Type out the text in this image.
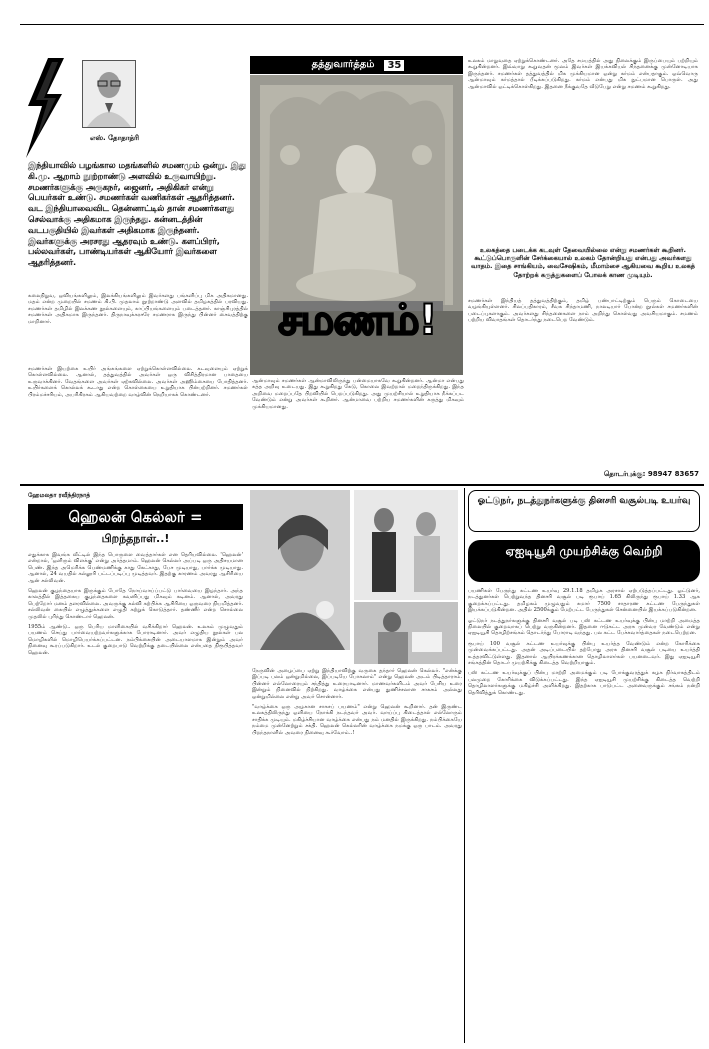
எஸ். தோதாத்ரி
தத்துவார்த்தம்	35
சமணம்!
இந்தியாவில் பழங்கால மதங்களில் சமணமும் ஒன்று. இது கி.மு. ஆறாம் நூற்றாண்டு அளவில் உருவாயிற்று. சமணர்களுக்கு அருகநர், ஜைனர், அதிகிகர் என்று பெயர்கள் உண்டு. சமணர்கள் வணிகர்கள் ஆதரித்தனர். வட இந்தியாவைவிட தென்னாட்டில் தான் சமணர்களது செல்வாக்கு அதிகமாக இருந்தது. கன்னடத்தின் வடபகுதியில் இவர்கள் அதிகமாக இருந்தனர். இவர்களுக்கு அரசரது ஆதரவும் உண்டு. களப்பிரர், பல்லவர்கள், பாண்டியர்கள் ஆகியோர் இவர்களை ஆதரித்தனர்.
கலைநிறுவ, ஒவியங்களிலும், இலக்கியங்களிலும் இவர்களது பங்களிப்பு மிக அதிகமானது. மதம் என்ற முறையில் சமணம் கி.பி. முதலாம் நூற்றாண்டு அளவில் தமிழகத்தில் பரவியது. சமணர்கள் தமிழில் இலக்கண நூல்களையும், காப்பியங்களையும் படைத்தனர். காஞ்சிபுரத்தில் சமணர்கள் அதிகமாக இருந்தனர். திருநாவுக்கரசரே சமணராக இருந்து பின்னர் சைவத்திற்கு மாறினார்.
சமணர்கள் இயற்கை உயிர் அங்கங்களை ஏற்றுக்கொள்ளவில்லை. கடவுளையும் ஏற்றுக் கொள்ளவில்லை. ஆனால், தத்துவத்தில் அவர்கள் ஒரு விசித்திரமான பாதையை உருவாக்கினர். வேதங்களை அவர்கள் ஏற்கவில்லை. அவர்கள் அஹிம்சையை போதித்தனர். உயிர்களைக் கொல்லக் கூடாது என்ற கொள்கையை உறுதியாக பின்பற்றினர். சமணர்கள் பிரம்மச்சரியம், அபரிகிரகம் ஆகியவற்றை வாழ்வின் நெறியாகக் கொண்டனர்.
ஆன்மாவும் சமணர்கள் ஆன்மாவிலிருந்து பன்மையாகவே கூறுகின்றனர். ஆன்மா என்பது சுத்த அறிவு உடையது. இது கூறுகிறது கேடு, கொலை இவற்றால் மறைந்திருக்கிறது. இந்த அறிவை மறைப்பதே பிறவியில் பெறப்படுகிறது. அது முயற்சியால் உறுதியாக நீக்கப்பட வேண்டும் என்று அவர்கள் கூறினர். ஆன்மாவை பற்றிய சமணர்களின் கருத்து மிகவும் முக்கியமானது.
உலகம் மாறுவதை ஏற்றுக்கொண்டனர். அதே சமயத்தில் அது நிலைக்கும் இருப்பையும் பற்றியும் கூறுகின்றனர். இவ்வாறு கூறுவதன் மூலம் இவர்கள் இயக்கவியல் சிந்தனைக்கு முன்னோடியாக இருந்தனர். சமணர்கள் தத்துவத்தில் மிக முக்கியமான ஒன்று கர்மம் என்பதாகும். ஒவ்வொரு ஆன்மாவும் கர்மத்தால் பீடிக்கப்படுகிறது. கர்மம் என்பது மிக நுட்பமான பொருள். அது ஆன்மாவில் ஒட்டிக்கொள்கிறது. இதனை நீக்குவதே வீடுபேறு என்று சமணம் கூறுகிறது.
உலகத்தை படைக்க கடவுள் தேவையில்லை என்று சமணர்கள் கூறினர். கூட்டுப்பொருளின் சேர்க்கையால் உலகம் தோன்றியது என்பது அவர்களது வாதம். இதை சாங்கியம், வைசேஷிகம், மீமாம்சை ஆகியவை கூறிய உலகத் தோற்றக் கருத்துகளைப் போலக் காண முடியும்.
சமணர்கள் இந்தியத் தத்துவத்திற்கும், தமிழ் பண்பாட்டிற்கும் பெரும் கொடையை வழங்கியுள்ளனர். சிலப்பதிகாரம், சீவக சிந்தாமணி, நாலடியார் போன்ற நூல்கள் சமணர்களின் படைப்புகளாகும். அவர்களது சிந்தனைகளை நாம் அறிந்து கொள்வது அவசியமாகும். சமணம் பற்றிய விவாதங்கள் தொடர்ந்து நடைபெற வேண்டும்.
தொடர்புக்கு: 98947 83657
ஹேமலதா ரவீந்திரநாத்
ஹெலன் கெல்லர் =
பிறந்தநாள்..!
எதுக்காக இவங்க வீட்டில் இந்த பொருளை வைத்தார்கள் என தெரியவில்லை. 'ஹெலன்' என்றால், 'ஒளிரும் விளக்கு' என்று அர்த்தமாம். ஹெலன் கெல்லர் அப்படி ஒரு அதிசயமான பெண். இந்த அமெரிக்க பெண்மணிக்கு காது கேட்காது, பேச முடியாது, பார்க்க முடியாது. ஆனால், 24 வயதில் கல்லூரி பட்டப்படிப்பு முடித்தவர். இதற்கு காரணம் அவரது ஆசிரியை ஆன் சல்லிவன்.
ஹெலன் குழந்தையாக இருக்கும் போதே நோய்வாய்ப்பட்டு பார்வையை இழந்தார். அந்த காலத்தில் இத்தகைய குழந்தைகளை கவனிப்பது மிகவும் கடினம். ஆனால், அவரது பெற்றோர் மனம் தளரவில்லை. அவருக்கு கல்வி கற்பிக்க ஆசிரியை ஒருவரை நியமித்தனர். சல்லிவன் கையில் எழுத்துக்களை எழுதி கற்றுக் கொடுத்தார். தண்ணீர் என்ற சொல்லை முதலில் புரிந்து கொண்டார் ஹெலன்.
1955ம் ஆண்டு.. ஒரு பெரிய மாளிகையில் வசிக்கிறார் ஹெலன். உலகம் முழுவதும் பயணம் செய்து பார்வையற்றவர்களுக்காக போராடினார். அவர் எழுதிய நூல்கள் பல மொழிகளில் மொழிபெயர்க்கப்பட்டன. நம்பிக்கையின் அடையாளமாக இன்றும் அவர் நினைவு கூரப்படுகிறார். உடல் குறைபாடு வெற்றிக்கு தடையில்லை என்பதை நிரூபித்தவர் ஹெலன்.
நேருவின் அழைப்பை ஏற்று இந்தியாவிற்கு வருகை தந்தார் ஹெலன் கெல்லர். "என்க்கு இப்படி பலம் ஒன்றுமில்லை, இப்படியே போகலாம்" என்று ஹெலன் அடம் பிடித்தாராம். பின்னர் எல்லோரையும் சந்தித்து உரையாடினார். மாணவர்களிடம் அவர் பேசிய உரை இன்றும் நினைவில் நிற்கிறது. வாழ்க்கை என்பது துணிச்சலான சாகசம் அல்லது ஒன்றுமில்லை என்று அவர் சொன்னார்.
"வாழ்க்கை ஒரு அழகான சாகசப் பயணம்" என்று ஹெலன் கூறினார். தன் இருண்ட உலகத்திலிருந்து ஒளியை நோக்கி நடந்தவர் அவர். வாய்ப்பு கிடைத்தால் எல்லோரும் சாதிக்க முடியும். மகிழ்ச்சியான வாழ்க்கை என்பது நம் மனதில் இருக்கிறது. நம்பிக்கையே நம்மை முன்னேற்றும் சக்தி. ஹெலன் கெல்லரின் வாழ்க்கை நமக்கு ஒரு பாடம். அவரது பிறந்தநாளில் அவரை நினைவு கூர்வோம்..!
ஓட்டுநர், நடத்துநர்களுக்கு தினசரி வசூல்படி உயர்வு
ஏஐடியூசி முயற்சிக்கு வெற்றி
பயணிகள் பேருந்து கட்டண உயர்வு 29.1.18 தமிழக அரசால் ஏற்படுத்தப்பட்டது. ஓட்டுனர், நடத்துனர்கள் பெற்றுவந்த தினசரி வசூல் படி ரூபாய் 1.65 கிலிருந்து ரூபாய் 1.33 ஆக குறைக்கப்பட்டது. தமிழகம் முழுவதும் சுமார் 7500 சாதாரண கட்டண பேருந்துகள் இயக்கப்படுகின்றன. அதில் 2500க்கும் மேற்பட்ட பேருந்துகள் சென்னையில் இயக்கப்படுகின்றன.
ஓட்டுநர் நடத்துநர்களுக்கு தினசரி வசூல் படி பஸ் கட்டண உயர்வுக்கு பின்பு மாற்றி அமைத்த நிலையில் குறைவாகப் பெற்று வருகின்றனர். இதனை ஈடுகட்ட அரசு முன்வர வேண்டும் என்று ஏஐடியூசி தொழிற்சங்கம் தொடர்ந்து போராடி வந்தது. பல கட்ட பேச்சுவார்த்தைகள் நடைபெற்றன.
ரூபாய் 100 வசூல் கட்டண உயர்வுக்கு பின்பு உயர்த்த வேண்டும் என்ற கோரிக்கை முன்வைக்கப்பட்டது. அதன் அடிப்படையில் தற்போது அரசு தினசரி வசூல் படியை உயர்த்தி உத்தரவிட்டுள்ளது. இதனால் ஆயிரக்கணக்கான தொழிலாளர்கள் பயனடைவர். இது ஏஐடியூசி சங்கத்தின் தொடர் முயற்சிக்கு கிடைத்த வெற்றியாகும்.
பஸ் கட்டண உயர்வுக்குப் பின்பு மாற்றி அமைக்கும் படி போக்குவரத்துக் கழக நிர்வாகத்திடம் பலமுறை கோரிக்கை விடுக்கப்பட்டது. இந்த ஏஐடியூசி முயற்சிக்கு கிடைத்த வெற்றி தொழிலாளர்களுக்கு மகிழ்ச்சி அளிக்கிறது. இதற்காக பாடுபட்ட அனைவருக்கும் சங்கம் நன்றி தெரிவித்துக் கொண்டது.
